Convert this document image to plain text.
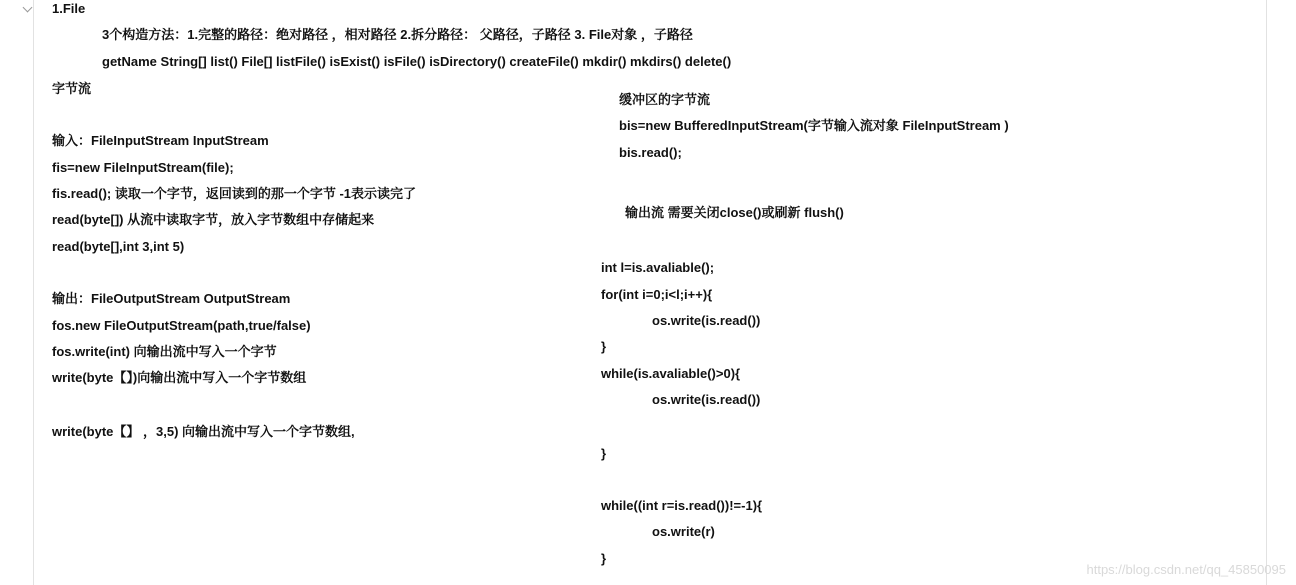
1.File
3个构造方法：1.完整的路径：绝对路径 ，相对路径 2.拆分路径： 父路径，子路径 3. File对象 ，子路径
getName String[] list() File[] listFile() isExist() isFile() isDirectory() createFile() mkdir() mkdirs() delete()
字节流
输入：FileInputStream InputStream
fis=new FileInputStream(file);
fis.read(); 读取一个字节，返回读到的那一个字节 -1表示读完了
read(byte[]) 从流中读取字节，放入字节数组中存储起来
read(byte[],int 3,int 5)
输出：FileOutputStream OutputStream
fos.new FileOutputStream(path,true/false)
fos.write(int) 向输出流中写入一个字节
write(byte【】)向输出流中写入一个字节数组
write(byte【】 ，3,5) 向输出流中写入一个字节数组,
缓冲区的字节流
bis=new BufferedInputStream(字节输入流对象 FileInputStream )
bis.read();
输出流 需要关闭close()或刷新 flush()
int l=is.avaliable();
for(int i=0;i<l;i++){
os.write(is.read())
}
while(is.avaliable()>0){
os.write(is.read())
}
while((int r=is.read())!=-1){
os.write(r)
}
https://blog.csdn.net/qq_45850095
